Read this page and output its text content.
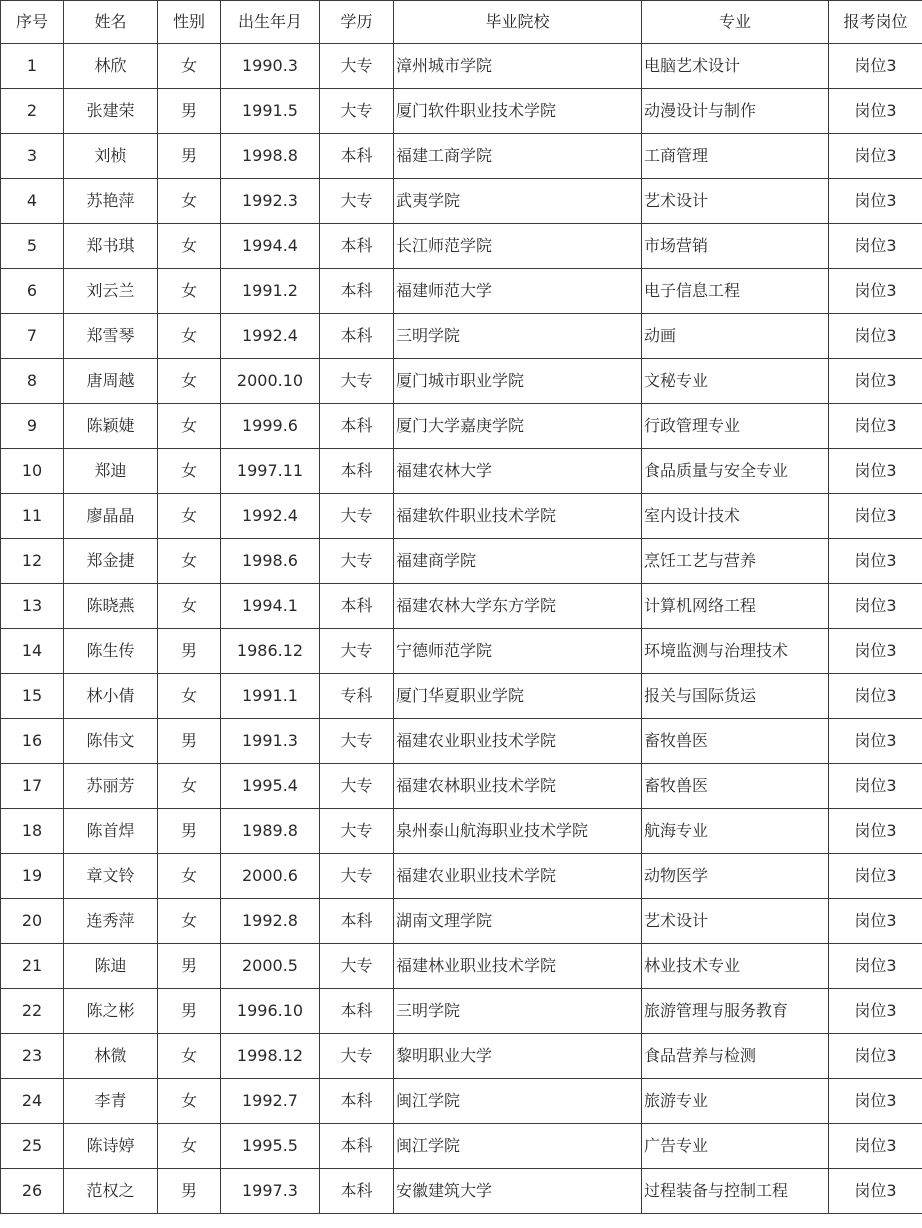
序号	姓名	性别	出生年月	学历	毕业院校	专业	报考岗位
1	林欣	女	1990.3	大专	漳州城市学院	电脑艺术设计	岗位3
2	张建荣	男	1991.5	大专	厦门软件职业技术学院	动漫设计与制作	岗位3
3	刘桢	男	1998.8	本科	福建工商学院	工商管理	岗位3
4	苏艳萍	女	1992.3	大专	武夷学院	艺术设计	岗位3
5	郑书琪	女	1994.4	本科	长江师范学院	市场营销	岗位3
6	刘云兰	女	1991.2	本科	福建师范大学	电子信息工程	岗位3
7	郑雪琴	女	1992.4	本科	三明学院	动画	岗位3
8	唐周越	女	2000.10	大专	厦门城市职业学院	文秘专业	岗位3
9	陈颖婕	女	1999.6	本科	厦门大学嘉庚学院	行政管理专业	岗位3
10	郑迪	女	1997.11	本科	福建农林大学	食品质量与安全专业	岗位3
11	廖晶晶	女	1992.4	大专	福建软件职业技术学院	室内设计技术	岗位3
12	郑金捷	女	1998.6	大专	福建商学院	烹饪工艺与营养	岗位3
13	陈晓燕	女	1994.1	本科	福建农林大学东方学院	计算机网络工程	岗位3
14	陈生传	男	1986.12	大专	宁德师范学院	环境监测与治理技术	岗位3
15	林小倩	女	1991.1	专科	厦门华夏职业学院	报关与国际货运	岗位3
16	陈伟文	男	1991.3	大专	福建农业职业技术学院	畜牧兽医	岗位3
17	苏丽芳	女	1995.4	大专	福建农林职业技术学院	畜牧兽医	岗位3
18	陈首焊	男	1989.8	大专	泉州泰山航海职业技术学院	航海专业	岗位3
19	章文铃	女	2000.6	大专	福建农业职业技术学院	动物医学	岗位3
20	连秀萍	女	1992.8	本科	湖南文理学院	艺术设计	岗位3
21	陈迪	男	2000.5	大专	福建林业职业技术学院	林业技术专业	岗位3
22	陈之彬	男	1996.10	本科	三明学院	旅游管理与服务教育	岗位3
23	林微	女	1998.12	大专	黎明职业大学	食品营养与检测	岗位3
24	李青	女	1992.7	本科	闽江学院	旅游专业	岗位3
25	陈诗婷	女	1995.5	本科	闽江学院	广告专业	岗位3
26	范权之	男	1997.3	本科	安徽建筑大学	过程装备与控制工程	岗位3
